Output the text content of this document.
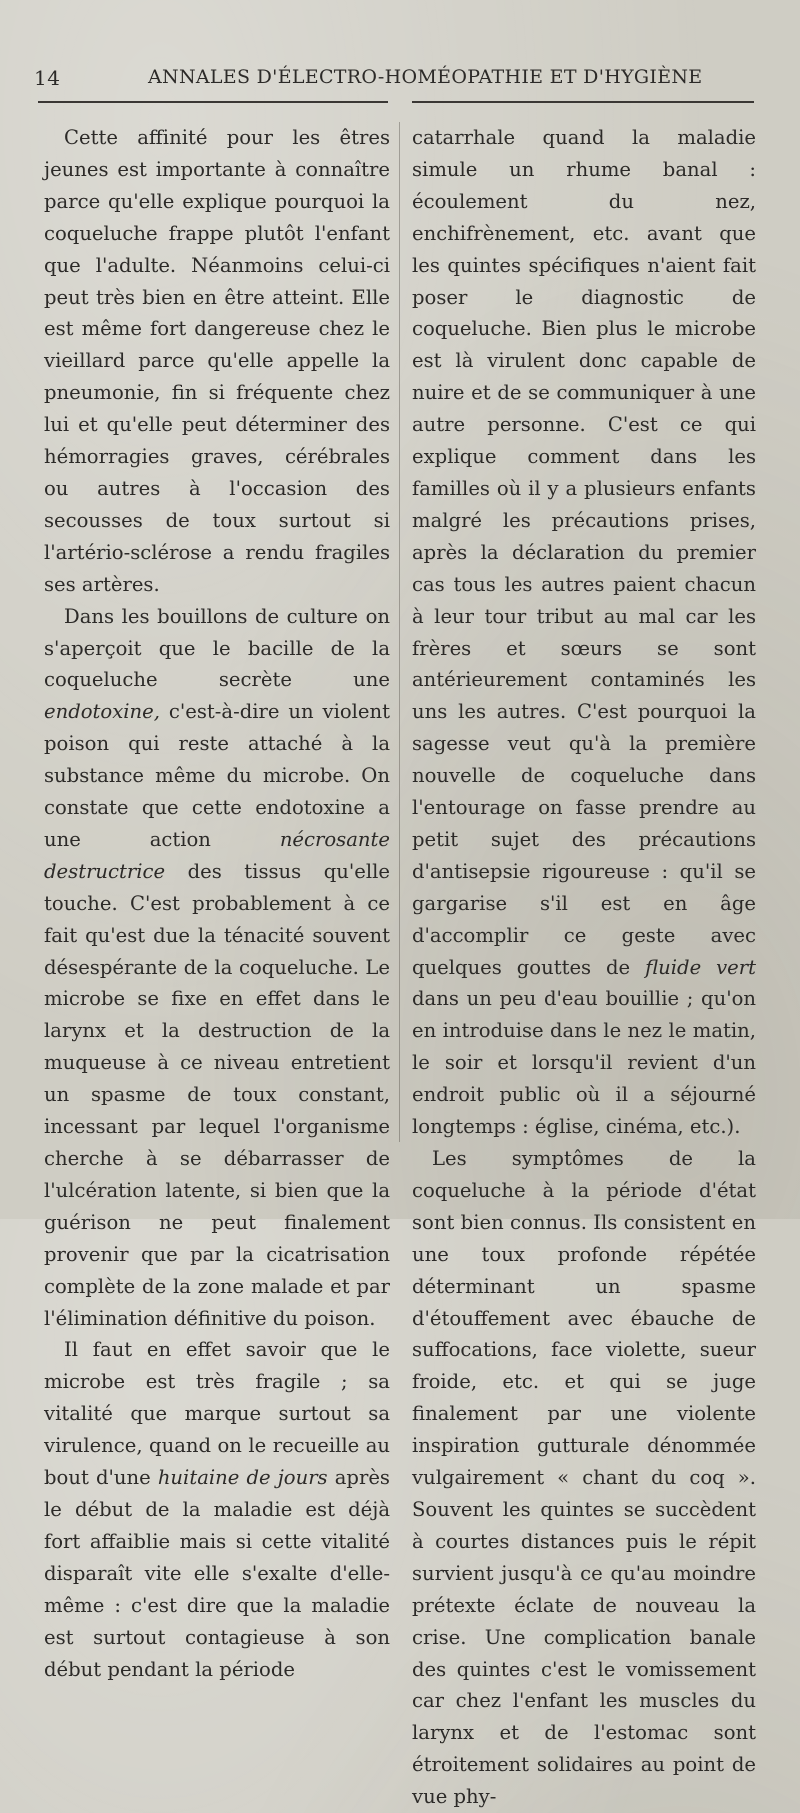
14	ANNALES D'ÉLECTRO-HOMÉOPATHIE ET D'HYGIÈNE

Cette affinité pour les êtres jeunes est importante à connaître parce qu'elle explique pourquoi la coqueluche frappe plutôt l'enfant que l'adulte. Néanmoins celui-ci peut très bien en être atteint. Elle est même fort dangereuse chez le vieillard parce qu'elle appelle la pneumonie, fin si fréquente chez lui et qu'elle peut déterminer des hémorragies graves, cérébrales ou autres à l'occasion des secousses de toux surtout si l'artério-sclérose a rendu fragiles ses artères.

Dans les bouillons de culture on s'aperçoit que le bacille de la coqueluche secrète une endotoxine, c'est-à-dire un violent poison qui reste attaché à la substance même du microbe. On constate que cette endotoxine a une action nécrosante destructrice des tissus qu'elle touche. C'est probablement à ce fait qu'est due la ténacité souvent désespérante de la coqueluche. Le microbe se fixe en effet dans le larynx et la destruction de la muqueuse à ce niveau entretient un spasme de toux constant, incessant par lequel l'organisme cherche à se débarrasser de l'ulcération latente, si bien que la guérison ne peut finalement provenir que par la cicatrisation complète de la zone malade et par l'élimination définitive du poison.

Il faut en effet savoir que le microbe est très fragile ; sa vitalité que marque surtout sa virulence, quand on le recueille au bout d'une huitaine de jours après le début de la maladie est déjà fort affaiblie mais si cette vitalité disparaît vite elle s'exalte d'elle-même : c'est dire que la maladie est surtout contagieuse à son début pendant la période

catarrhale quand la maladie simule un rhume banal : écoulement du nez, enchifrènement, etc. avant que les quintes spécifiques n'aient fait poser le diagnostic de coqueluche. Bien plus le microbe est là virulent donc capable de nuire et de se communiquer à une autre personne. C'est ce qui explique comment dans les familles où il y a plusieurs enfants malgré les précautions prises, après la déclaration du premier cas tous les autres paient chacun à leur tour tribut au mal car les frères et sœurs se sont antérieurement contaminés les uns les autres. C'est pourquoi la sagesse veut qu'à la première nouvelle de coqueluche dans l'entourage on fasse prendre au petit sujet des précautions d'antisepsie rigoureuse : qu'il se gargarise s'il est en âge d'accomplir ce geste avec quelques gouttes de fluide vert dans un peu d'eau bouillie ; qu'on en introduise dans le nez le matin, le soir et lorsqu'il revient d'un endroit public où il a séjourné longtemps : église, cinéma, etc.).

Les symptômes de la coqueluche à la période d'état sont bien connus. Ils consistent en une toux profonde répétée déterminant un spasme d'étouffement avec ébauche de suffocations, face violette, sueur froide, etc. et qui se juge finalement par une violente inspiration gutturale dénommée vulgairement « chant du coq ». Souvent les quintes se succèdent à courtes distances puis le répit survient jusqu'à ce qu'au moindre prétexte éclate de nouveau la crise. Une complication banale des quintes c'est le vomissement car chez l'enfant les muscles du larynx et de l'estomac sont étroitement solidaires au point de vue phy-
